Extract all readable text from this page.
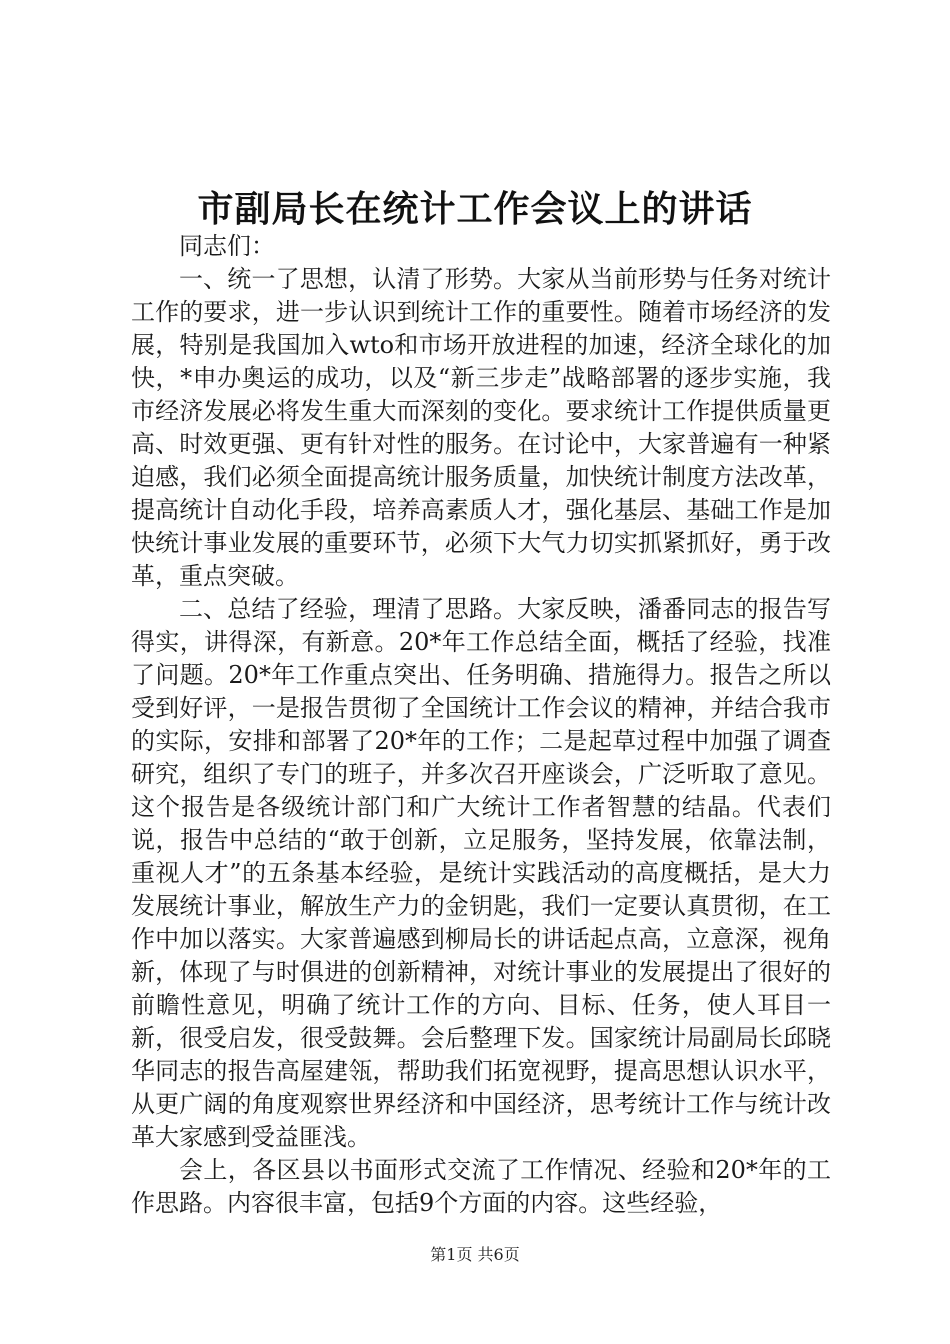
市副局长在统计工作会议上的讲话

同志们：

一、统一了思想，认清了形势。大家从当前形势与任务对统计工作的要求，进一步认识到统计工作的重要性。随着市场经济的发展，特别是我国加入wto和市场开放进程的加速，经济全球化的加快，*申办奥运的成功，以及“新三步走”战略部署的逐步实施，我市经济发展必将发生重大而深刻的变化。要求统计工作提供质量更高、时效更强、更有针对性的服务。在讨论中，大家普遍有一种紧迫感，我们必须全面提高统计服务质量，加快统计制度方法改革，提高统计自动化手段，培养高素质人才，强化基层、基础工作是加快统计事业发展的重要环节，必须下大气力切实抓紧抓好，勇于改革，重点突破。

二、总结了经验，理清了思路。大家反映，潘番同志的报告写得实，讲得深，有新意。20*年工作总结全面，概括了经验，找准了问题。20*年工作重点突出、任务明确、措施得力。报告之所以受到好评，一是报告贯彻了全国统计工作会议的精神，并结合我市的实际，安排和部署了20*年的工作；二是起草过程中加强了调查研究，组织了专门的班子，并多次召开座谈会，广泛听取了意见。这个报告是各级统计部门和广大统计工作者智慧的结晶。代表们说，报告中总结的“敢于创新，立足服务，坚持发展，依靠法制，重视人才”的五条基本经验，是统计实践活动的高度概括，是大力发展统计事业，解放生产力的金钥匙，我们一定要认真贯彻，在工作中加以落实。大家普遍感到柳局长的讲话起点高，立意深，视角新，体现了与时俱进的创新精神，对统计事业的发展提出了很好的前瞻性意见，明确了统计工作的方向、目标、任务，使人耳目一新，很受启发，很受鼓舞。会后整理下发。国家统计局副局长邱晓华同志的报告高屋建瓴，帮助我们拓宽视野，提高思想认识水平，从更广阔的角度观察世界经济和中国经济，思考统计工作与统计改革大家感到受益匪浅。

会上，各区县以书面形式交流了工作情况、经验和20*年的工作思路。内容很丰富，包括9个方面的内容。这些经验，

第1页 共6页
